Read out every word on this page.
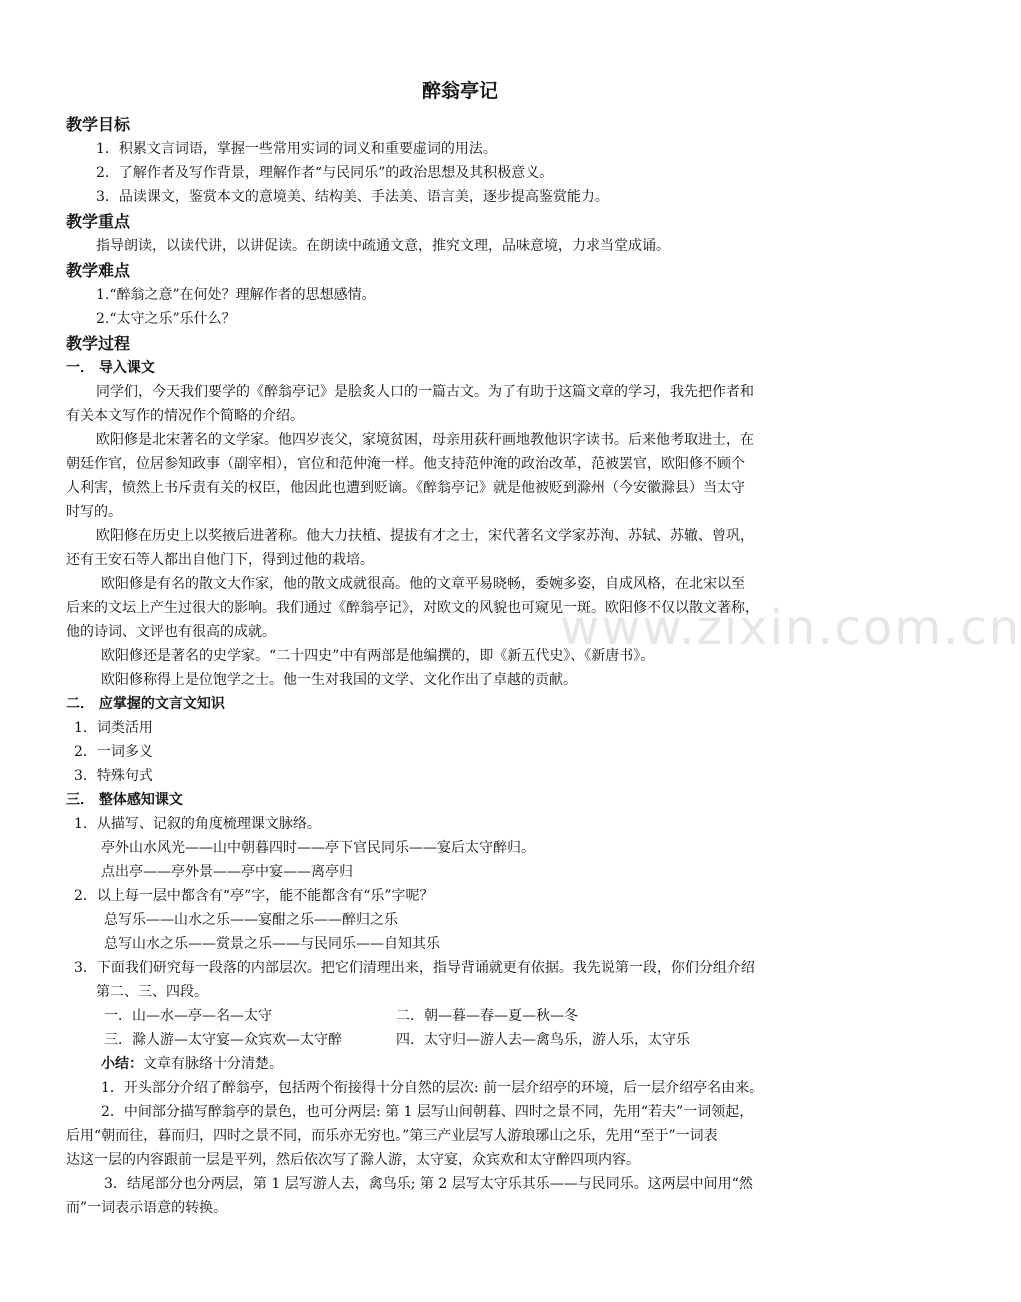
www.zixin.com.cn
醉翁亭记
教学目标
1．积累文言词语，掌握一些常用实词的词义和重要虚词的用法。
2．了解作者及写作背景，理解作者“与民同乐”的政治思想及其积极意义。
3．品读课文，鉴赏本文的意境美、结构美、手法美、语言美，逐步提高鉴赏能力。
教学重点
指导朗读，以读代讲，以讲促读。在朗读中疏通文意，推究文理，品味意境，力求当堂成诵。
教学难点
1.“醉翁之意”在何处？理解作者的思想感情。
2.“太守之乐”乐什么？
教学过程
一． 导入课文
同学们，今天我们要学的《醉翁亭记》是脍炙人口的一篇古文。为了有助于这篇文章的学习，我先把作者和
有关本文写作的情况作个简略的介绍。
欧阳修是北宋著名的文学家。他四岁丧父，家境贫困，母亲用荻秆画地教他识字读书。后来他考取进士，在
朝廷作官，位居参知政事（副宰相），官位和范仲淹一样。他支持范仲淹的政治改革，范被罢官，欧阳修不顾个
人利害，愤然上书斥责有关的权臣，他因此也遭到贬谪。《醉翁亭记》就是他被贬到滁州（今安徽滁县）当太守
时写的。
欧阳修在历史上以奖掖后进著称。他大力扶植、提拔有才之士，宋代著名文学家苏洵、苏轼、苏辙、曾巩，
还有王安石等人都出自他门下，得到过他的栽培。
欧阳修是有名的散文大作家，他的散文成就很高。他的文章平易晓畅，委婉多姿，自成风格，在北宋以至
后来的文坛上产生过很大的影响。我们通过《醉翁亭记》，对欧文的风貌也可窥见一斑。欧阳修不仅以散文著称，
他的诗词、文评也有很高的成就。
欧阳修还是著名的史学家。“二十四史”中有两部是他编撰的，即《新五代史》、《新唐书》。
欧阳修称得上是位饱学之士。他一生对我国的文学、文化作出了卓越的贡献。
二． 应掌握的文言文知识
1．词类活用
2．一词多义
3．特殊句式
三． 整体感知课文
1．从描写、记叙的角度梳理课文脉络。
亭外山水风光——山中朝暮四时——亭下官民同乐——宴后太守醉归。
点出亭——亭外景——亭中宴——离亭归
2．以上每一层中都含有“亭”字，能不能都含有“乐”字呢？
总写乐——山水之乐——宴酣之乐——醉归之乐
总写山水之乐——赏景之乐——与民同乐——自知其乐
3．下面我们研究每一段落的内部层次。把它们清理出来，指导背诵就更有依据。我先说第一段，你们分组介绍
第二、三、四段。
一．山—水—亭—名—太守	二．朝—暮—春—夏—秋—冬
三．滁人游—太守宴—众宾欢—太守醉	四．太守归—游人去—禽鸟乐，游人乐，太守乐
小结：文章有脉络十分清楚。
1．开头部分介绍了醉翁亭，包括两个衔接得十分自然的层次: 前一层介绍亭的环境，后一层介绍亭名由来。
2．中间部分描写醉翁亭的景色，也可分两层: 第 1 层写山间朝暮、四时之景不同，先用“若夫”一词领起，
后用“朝而往，暮而归，四时之景不同，而乐亦无穷也。”第三产业层写人游琅琊山之乐，先用“至于”一词表
达这一层的内容跟前一层是平列，然后依次写了滁人游，太守宴，众宾欢和太守醉四项内容。
3．结尾部分也分两层，第 1 层写游人去，禽鸟乐; 第 2 层写太守乐其乐——与民同乐。这两层中间用“然
而”一词表示语意的转换。
